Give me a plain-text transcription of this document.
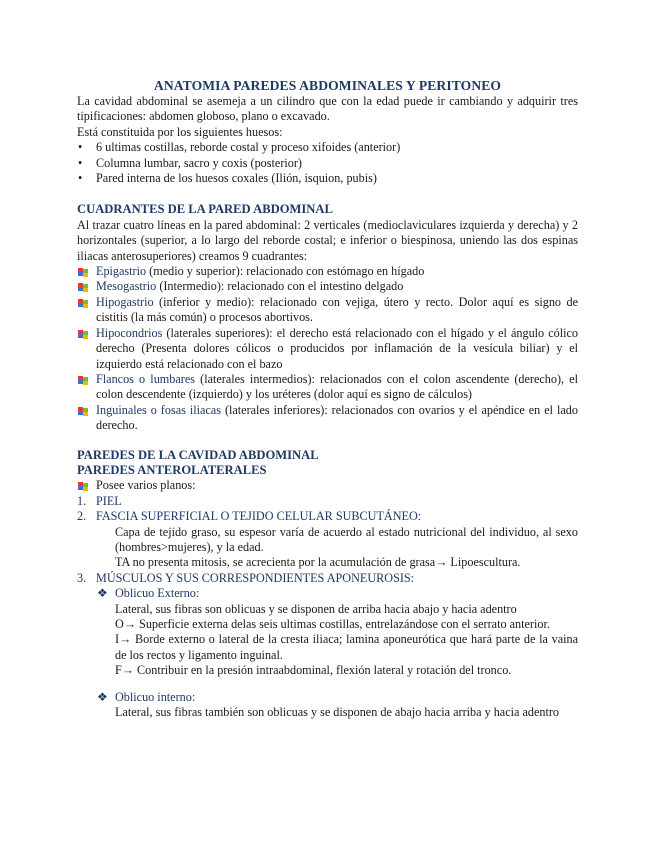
ANATOMIA PAREDES ABDOMINALES Y PERITONEO

La cavidad abdominal se asemeja a un cilindro que con la edad puede ir cambiando y adquirir tres tipificaciones: abdomen globoso, plano o excavado.

Está constituida por los siguientes huesos:

• 6 ultimas costillas, reborde costal y proceso xifoides (anterior)
• Columna lumbar, sacro y coxis (posterior)
• Pared interna de los huesos coxales (Ilión, isquion, pubis)
CUADRANTES DE LA PARED ABDOMINAL

Al trazar cuatro líneas en la pared abdominal: 2 verticales (medioclaviculares izquierda y derecha) y 2 horizontales (superior, a lo largo del reborde costal; e inferior o biespinosa, uniendo las dos espinas iliacas anterosuperiores) creamos 9 cuadrantes:

Epigastrio (medio y superior): relacionado con estómago en hígado
Mesogastrio (Intermedio): relacionado con el intestino delgado
Hipogastrio (inferior y medio): relacionado con vejiga, útero y recto. Dolor aquí es signo de cistitis (la más común) o procesos abortivos.
Hipocondrios (laterales superiores): el derecho está relacionado con el hígado y el ángulo cólico derecho (Presenta dolores cólicos o producidos por inflamación de la vesícula biliar) y el izquierdo está relacionado con el bazo
Flancos o lumbares (laterales intermedios): relacionados con el colon ascendente (derecho), el colon descendente (izquierdo) y los uréteres (dolor aquí es signo de cálculos)
Inguinales o fosas iliacas (laterales inferiores): relacionados con ovarios y el apéndice en el lado derecho.
PAREDES DE LA CAVIDAD ABDOMINAL
PAREDES ANTEROLATERALES
Posee varios planos:
1. PIEL
2. FASCIA SUPERFICIAL O TEJIDO CELULAR SUBCUTÁNEO:

Capa de tejido graso, su espesor varía de acuerdo al estado nutricional del individuo, al sexo (hombres>mujeres), y la edad.

TA no presenta mitosis, se acrecienta por la acumulación de grasa→ Lipoescultura.

3. MÚSCULOS Y SUS CORRESPONDIENTES APONEUROSIS:
❖ Oblicuo Externo:

Lateral, sus fibras son oblicuas y se disponen de arriba hacia abajo y hacia adentro

O→ Superficie externa delas seis ultimas costillas, entrelazándose con el serrato anterior.

I→ Borde externo o lateral de la cresta iliaca; lamina aponeurótica que hará parte de la vaina de los rectos y ligamento inguinal.

F→ Contribuir en la presión intraabdominal, flexión lateral y rotación del tronco.

❖ Oblicuo interno:

Lateral, sus fibras también son oblicuas y se disponen de abajo hacia arriba y hacia adentro
